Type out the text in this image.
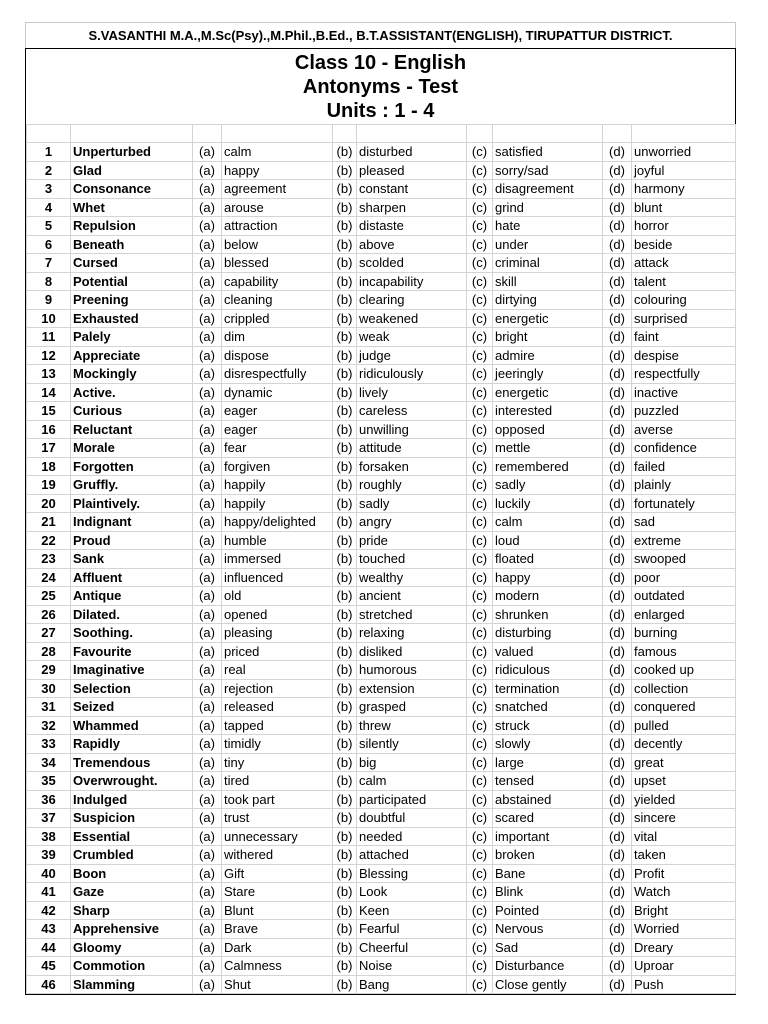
S.VASANTHI M.A.,M.Sc(Psy).,M.Phil.,B.Ed., B.T.ASSISTANT(ENGLISH), TIRUPATTUR DISTRICT.
Class 10 - English
Antonyms - Test
Units : 1 - 4

1	Unperturbed	(a)	calm	(b)	disturbed	(c)	satisfied	(d)	unworried
2	Glad	(a)	happy	(b)	pleased	(c)	sorry/sad	(d)	joyful
3	Consonance	(a)	agreement	(b)	constant	(c)	disagreement	(d)	harmony
4	Whet	(a)	arouse	(b)	sharpen	(c)	grind	(d)	blunt
5	Repulsion	(a)	attraction	(b)	distaste	(c)	hate	(d)	horror
6	Beneath	(a)	below	(b)	above	(c)	under	(d)	beside
7	Cursed	(a)	blessed	(b)	scolded	(c)	criminal	(d)	attack
8	Potential	(a)	capability	(b)	incapability	(c)	skill	(d)	talent
9	Preening	(a)	cleaning	(b)	clearing	(c)	dirtying	(d)	colouring
10	Exhausted	(a)	crippled	(b)	weakened	(c)	energetic	(d)	surprised
11	Palely	(a)	dim	(b)	weak	(c)	bright	(d)	faint
12	Appreciate	(a)	dispose	(b)	judge	(c)	admire	(d)	despise
13	Mockingly	(a)	disrespectfully	(b)	ridiculously	(c)	jeeringly	(d)	respectfully
14	Active.	(a)	dynamic	(b)	lively	(c)	energetic	(d)	inactive
15	Curious	(a)	eager	(b)	careless	(c)	interested	(d)	puzzled
16	Reluctant	(a)	eager	(b)	unwilling	(c)	opposed	(d)	averse
17	Morale	(a)	fear	(b)	attitude	(c)	mettle	(d)	confidence
18	Forgotten	(a)	forgiven	(b)	forsaken	(c)	remembered	(d)	failed
19	Gruffly.	(a)	happily	(b)	roughly	(c)	sadly	(d)	plainly
20	Plaintively.	(a)	happily	(b)	sadly	(c)	luckily	(d)	fortunately
21	Indignant	(a)	happy/delighted	(b)	angry	(c)	calm	(d)	sad
22	Proud	(a)	humble	(b)	pride	(c)	loud	(d)	extreme
23	Sank	(a)	immersed	(b)	touched	(c)	floated	(d)	swooped
24	Affluent	(a)	influenced	(b)	wealthy	(c)	happy	(d)	poor
25	Antique	(a)	old	(b)	ancient	(c)	modern	(d)	outdated
26	Dilated.	(a)	opened	(b)	stretched	(c)	shrunken	(d)	enlarged
27	Soothing.	(a)	pleasing	(b)	relaxing	(c)	disturbing	(d)	burning
28	Favourite	(a)	priced	(b)	disliked	(c)	valued	(d)	famous
29	Imaginative	(a)	real	(b)	humorous	(c)	ridiculous	(d)	cooked up
30	Selection	(a)	rejection	(b)	extension	(c)	termination	(d)	collection
31	Seized	(a)	released	(b)	grasped	(c)	snatched	(d)	conquered
32	Whammed	(a)	tapped	(b)	threw	(c)	struck	(d)	pulled
33	Rapidly	(a)	timidly	(b)	silently	(c)	slowly	(d)	decently
34	Tremendous	(a)	tiny	(b)	big	(c)	large	(d)	great
35	Overwrought.	(a)	tired	(b)	calm	(c)	tensed	(d)	upset
36	Indulged	(a)	took part	(b)	participated	(c)	abstained	(d)	yielded
37	Suspicion	(a)	trust	(b)	doubtful	(c)	scared	(d)	sincere
38	Essential	(a)	unnecessary	(b)	needed	(c)	important	(d)	vital
39	Crumbled	(a)	withered	(b)	attached	(c)	broken	(d)	taken
40	Boon	(a)	Gift	(b)	Blessing	(c)	Bane	(d)	Profit
41	Gaze	(a)	Stare	(b)	Look	(c)	Blink	(d)	Watch
42	Sharp	(a)	Blunt	(b)	Keen	(c)	Pointed	(d)	Bright
43	Apprehensive	(a)	Brave	(b)	Fearful	(c)	Nervous	(d)	Worried
44	Gloomy	(a)	Dark	(b)	Cheerful	(c)	Sad	(d)	Dreary
45	Commotion	(a)	Calmness	(b)	Noise	(c)	Disturbance	(d)	Uproar
46	Slamming	(a)	Shut	(b)	Bang	(c)	Close gently	(d)	Push
